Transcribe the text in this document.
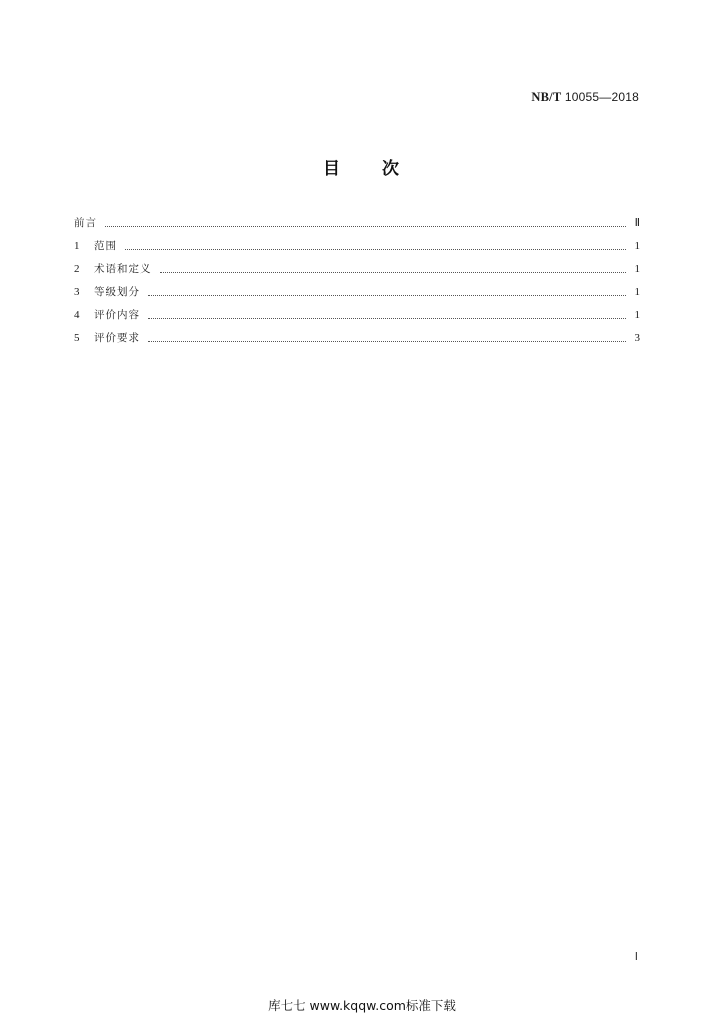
NB/T 10055—2018
目 次
前言	Ⅱ
1	范围	1
2	术语和定义	1
3	等级划分	1
4	评价内容	1
5	评价要求	3
Ⅰ
库七七 www.kqqw.com标准下载
